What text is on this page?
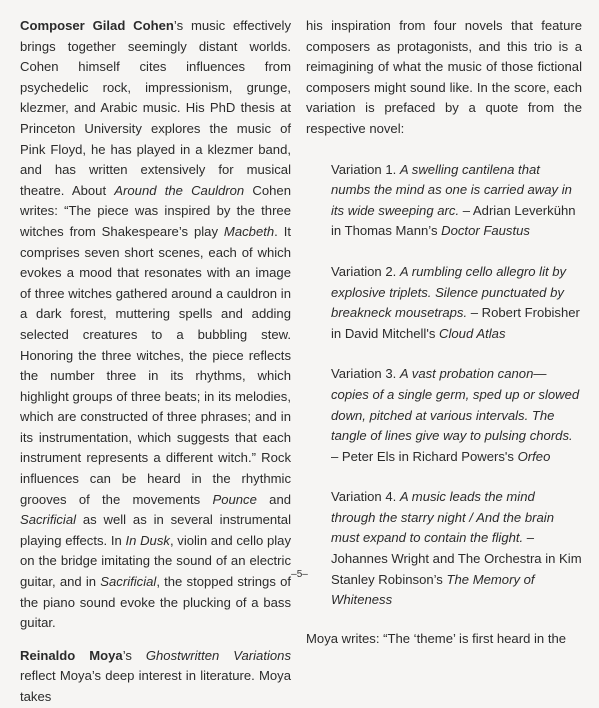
Composer Gilad Cohen’s music effectively brings together seemingly distant worlds. Cohen himself cites influences from psychedelic rock, impressionism, grunge, klezmer, and Arabic music. His PhD thesis at Princeton University explores the music of Pink Floyd, he has played in a klezmer band, and has written extensively for musical theatre. About Around the Cauldron Cohen writes: “The piece was inspired by the three witches from Shakespeare’s play Macbeth. It comprises seven short scenes, each of which evokes a mood that resonates with an image of three witches gathered around a cauldron in a dark forest, muttering spells and adding selected creatures to a bubbling stew. Honoring the three witches, the piece reflects the number three in its rhythms, which highlight groups of three beats; in its melodies, which are constructed of three phrases; and in its instrumentation, which suggests that each instrument represents a different witch.” Rock influences can be heard in the rhythmic grooves of the movements Pounce and Sacrificial as well as in several instrumental playing effects. In In Dusk, violin and cello play on the bridge imitating the sound of an electric guitar, and in Sacrificial, the stopped strings of the piano sound evoke the plucking of a bass guitar.

Reinaldo Moya’s Ghostwritten Variations reflect Moya’s deep interest in literature. Moya takes

his inspiration from four novels that feature composers as protagonists, and this trio is a reimagining of what the music of those fictional composers might sound like. In the score, each variation is prefaced by a quote from the respective novel:

Variation 1. A swelling cantilena that numbs the mind as one is carried away in its wide sweeping arc. – Adrian Leverkühn in Thomas Mann’s Doctor Faustus

Variation 2. A rumbling cello allegro lit by explosive triplets. Silence punctuated by breakneck mousetraps. – Robert Frobisher in David Mitchell's Cloud Atlas

Variation 3. A vast probation canon—copies of a single germ, sped up or slowed down, pitched at various intervals. The tangle of lines give way to pulsing chords. – Peter Els in Richard Powers's Orfeo

Variation 4. A music leads the mind through the starry night / And the brain must expand to contain the flight. – Johannes Wright and The Orchestra in Kim Stanley Robinson’s The Memory of Whiteness

Moya writes: “The ‘theme’ is first heard in the

–5–
